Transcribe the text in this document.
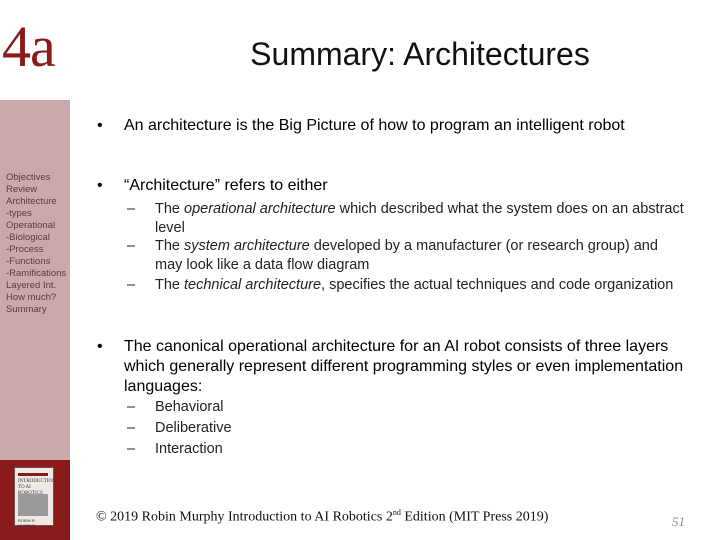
4a	Summary: Architectures
Objectives
Review
Architecture
-types
Operational
-Biological
-Process
-Functions
-Ramifications
Layered Int.
How much?
Summary
INTRODUCTION TO AI
ROBIN R. MURPHY
• An architecture is the Big Picture of how to program an intelligent robot
• “Architecture” refers to either
– The operational architecture which described what the system does on an abstract level
– The system architecture developed by a manufacturer (or research group) and may look like a data flow diagram
– The technical architecture, specifies the actual techniques and code organization
• The canonical operational architecture for an AI robot consists of three layers which generally represent different programming styles or even implementation languages:
– Behavioral
– Deliberative
– Interaction
© 2019 Robin Murphy Introduction to AI Robotics 2nd Edition (MIT Press 2019)	51
